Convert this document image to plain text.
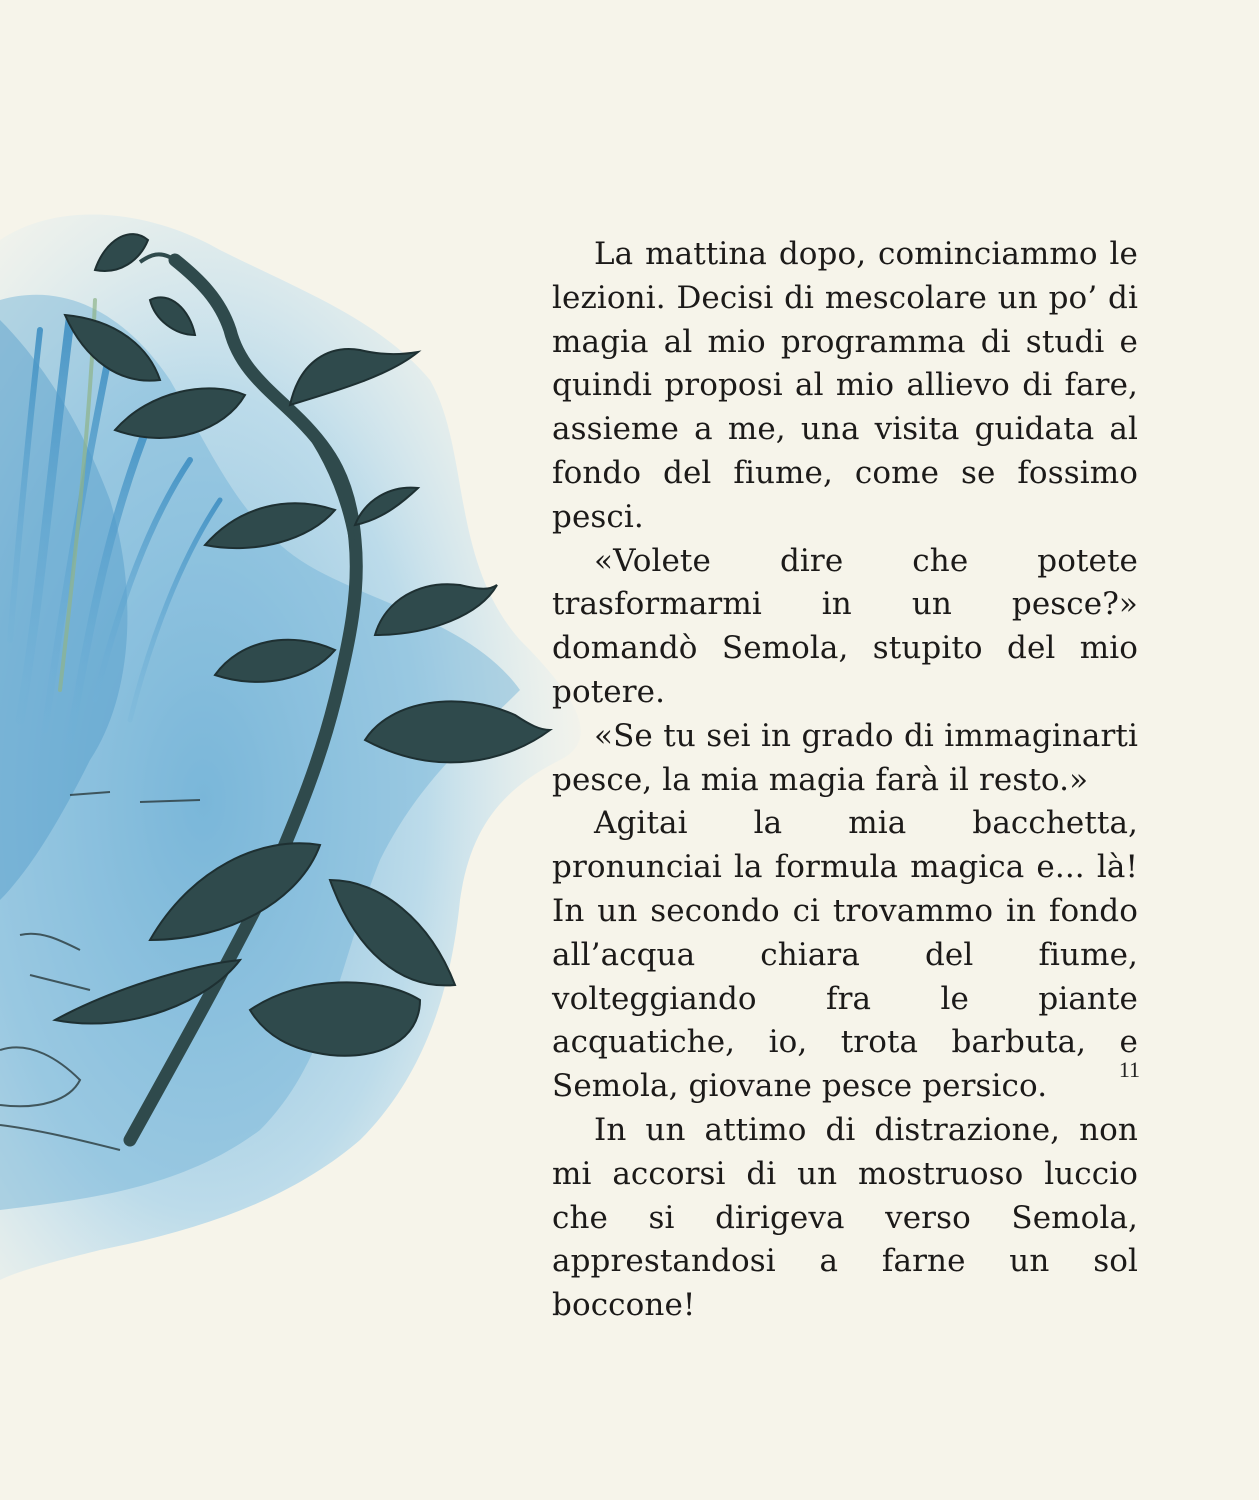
La mattina dopo, cominciammo le lezioni. Decisi di mescolare un po’ di magia al mio programma di studi e quindi proposi al mio allievo di fare, assieme a me, una visita guidata al fondo del fiume, come se fossimo pesci.

«Volete dire che potete trasformarmi in un pesce?» domandò Semola, stupito del mio potere.

«Se tu sei in grado di immaginarti pesce, la mia magia farà il resto.»

Agitai la mia bacchetta, pronunciai la formula magica e... là! In un secondo ci trovammo in fondo all’acqua chiara del fiume, volteggiando fra le piante acquatiche, io, trota barbuta, e Semola, giovane pesce persico.

In un attimo di distrazione, non mi accorsi di un mostruoso luccio che si dirigeva verso Semola, apprestandosi a farne un sol boccone!

11
